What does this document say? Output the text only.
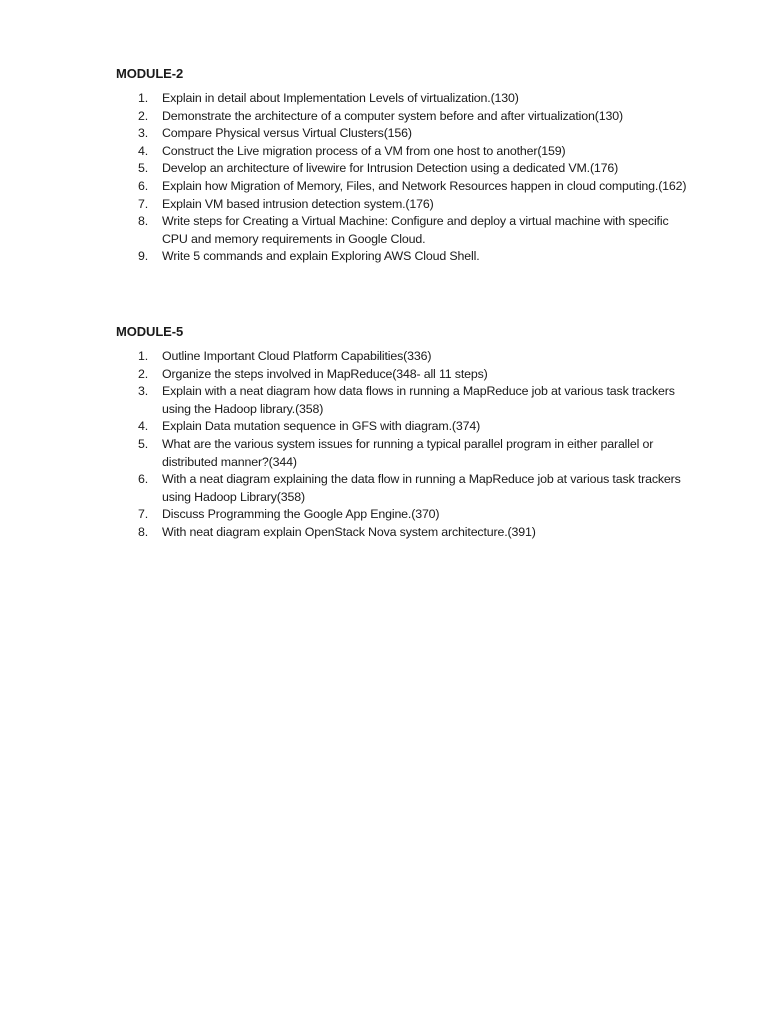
MODULE-2
1.	Explain in detail about Implementation Levels of virtualization.(130)
2.	Demonstrate the architecture of a computer system before and after virtualization(130)
3.	Compare Physical versus Virtual Clusters(156)
4.	Construct the Live migration process of a VM from one host to another(159)
5.	Develop an architecture of livewire for Intrusion Detection using a dedicated VM.(176)
6.	Explain how Migration of Memory, Files, and Network Resources happen in cloud computing.(162)
7.	Explain VM based intrusion detection system.(176)
8.	Write steps for Creating a Virtual Machine: Configure and deploy a virtual machine with specific CPU and memory requirements in Google Cloud.
9.	Write 5 commands and explain Exploring AWS Cloud Shell.
MODULE-5
1.	Outline Important Cloud Platform Capabilities(336)
2.	Organize the steps involved in MapReduce(348- all 11 steps)
3.	Explain with a neat diagram how data flows in running a MapReduce job at various task trackers using the Hadoop library.(358)
4.	Explain Data mutation sequence in GFS with diagram.(374)
5.	What are the various system issues for running a typical parallel program in either parallel or distributed manner?(344)
6.	With a neat diagram explaining the data flow in running a MapReduce job at various task trackers using Hadoop Library(358)
7.	Discuss Programming the Google App Engine.(370)
8.	With neat diagram explain OpenStack Nova system architecture.(391)
